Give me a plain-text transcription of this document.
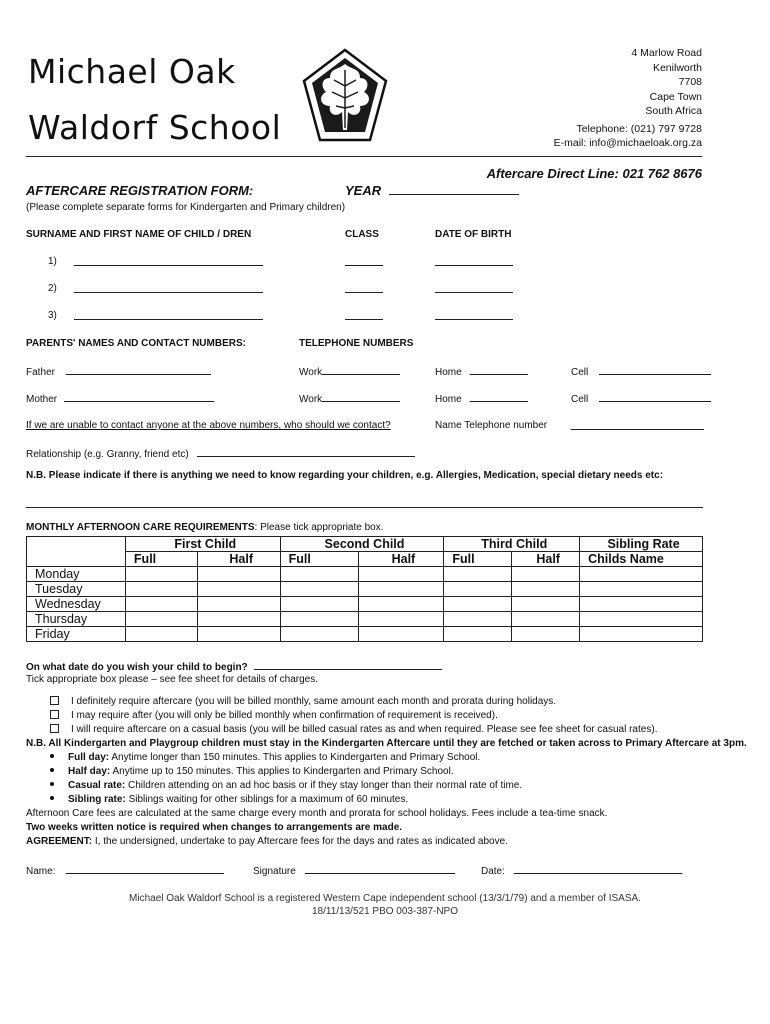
Michael Oak
Waldorf School
4 Marlow Road
Kenilworth
7708
Cape Town
South Africa
Telephone: (021) 797 9728
E-mail: info@michaeloak.org.za
Aftercare Direct Line: 021 762 8676
AFTERCARE REGISTRATION FORM:	YEAR
(Please complete separate forms for Kindergarten and Primary children)
SURNAME AND FIRST NAME OF CHILD / DREN	CLASS	DATE OF BIRTH
1)
2)
3)
PARENTS' NAMES AND CONTACT NUMBERS:	TELEPHONE NUMBERS
Father	Work	Home	Cell
Mother	Work	Home	Cell
If we are unable to contact anyone at the above numbers, who should we contact?	Name Telephone number
Relationship (e.g. Granny, friend etc)
N.B. Please indicate if there is anything we need to know regarding your children, e.g. Allergies, Medication, special dietary needs etc:
MONTHLY AFTERNOON CARE REQUIREMENTS: Please tick appropriate box.
	First Child		Second Child		Third Child		Sibling Rate
	Full	Half	Full	Half	Full	Half	Childs Name
Monday							
Tuesday							
Wednesday							
Thursday							
Friday							
On what date do you wish your child to begin?
Tick appropriate box please – see fee sheet for details of charges.
I definitely require aftercare (you will be billed monthly, same amount each month and prorata during holidays.
I may require after (you will only be billed monthly when confirmation of requirement is received).
I will require aftercare on a casual basis (you will be billed casual rates as and when required. Please see fee sheet for casual rates).
N.B. All Kindergarten and Playgroup children must stay in the Kindergarten Aftercare until they are fetched or taken across to Primary Aftercare at 3pm.
Full day: Anytime longer than 150 minutes. This applies to Kindergarten and Primary School.
Half day: Anytime up to 150 minutes. This applies to Kindergarten and Primary School.
Casual rate: Children attending on an ad hoc basis or if they stay longer than their normal rate of time.
Sibling rate: Siblings waiting for other siblings for a maximum of 60 minutes.
Afternoon Care fees are calculated at the same charge every month and prorata for school holidays. Fees include a tea-time snack.
Two weeks written notice is required when changes to arrangements are made.
AGREEMENT: I, the undersigned, undertake to pay Aftercare fees for the days and rates as indicated above.
Name:	Signature	Date:
Michael Oak Waldorf School is a registered Western Cape independent school (13/3/1/79) and a member of ISASA.
18/11/13/521 PBO 003-387-NPO
